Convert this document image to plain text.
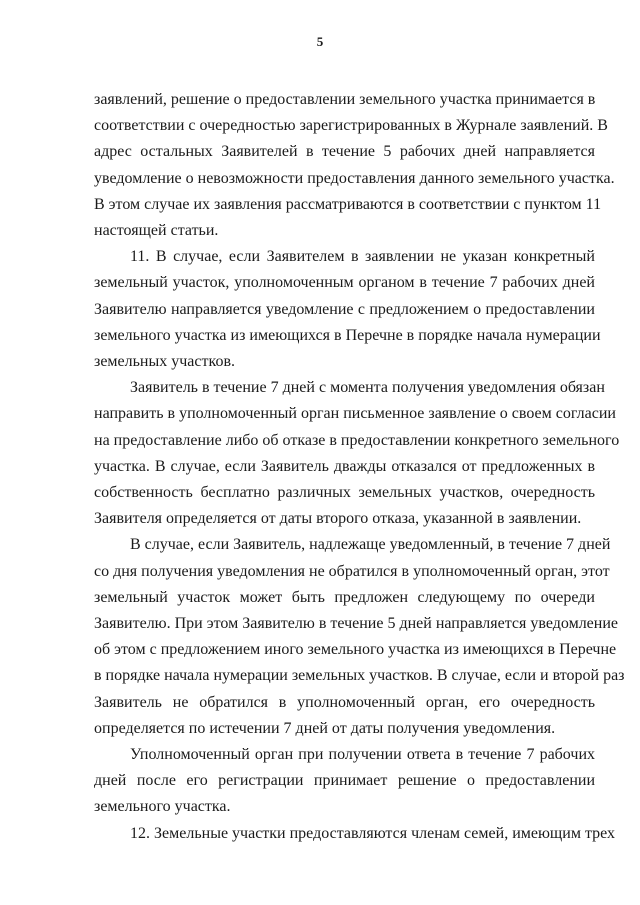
5
заявлений, решение о предоставлении земельного участка принимается в
соответствии с очередностью зарегистрированных в Журнале заявлений. В
адрес остальных Заявителей в течение 5 рабочих дней направляется
уведомление о невозможности предоставления данного земельного участка.
В этом случае их заявления рассматриваются в соответствии с пунктом 11
настоящей статьи.
11. В случае, если Заявителем в заявлении не указан конкретный
земельный участок, уполномоченным органом в течение 7 рабочих дней
Заявителю направляется уведомление с предложением о предоставлении
земельного участка из имеющихся в Перечне в порядке начала нумерации
земельных участков.
Заявитель в течение 7 дней с момента получения уведомления обязан
направить в уполномоченный орган письменное заявление о своем согласии
на предоставление либо об отказе в предоставлении конкретного земельного
участка. В случае, если Заявитель дважды отказался от предложенных в
собственность бесплатно различных земельных участков, очередность
Заявителя определяется от даты второго отказа, указанной в заявлении.
В случае, если Заявитель, надлежаще уведомленный, в течение 7 дней
со дня получения уведомления не обратился в уполномоченный орган, этот
земельный участок может быть предложен следующему по очереди
Заявителю. При этом Заявителю в течение 5 дней направляется уведомление
об этом с предложением иного земельного участка из имеющихся в Перечне
в порядке начала нумерации земельных участков. В случае, если и второй раз
Заявитель не обратился в уполномоченный орган, его очередность
определяется по истечении 7 дней от даты получения уведомления.
Уполномоченный орган при получении ответа в течение 7 рабочих
дней после его регистрации принимает решение о предоставлении
земельного участка.
12. Земельные участки предоставляются членам семей, имеющим трех
